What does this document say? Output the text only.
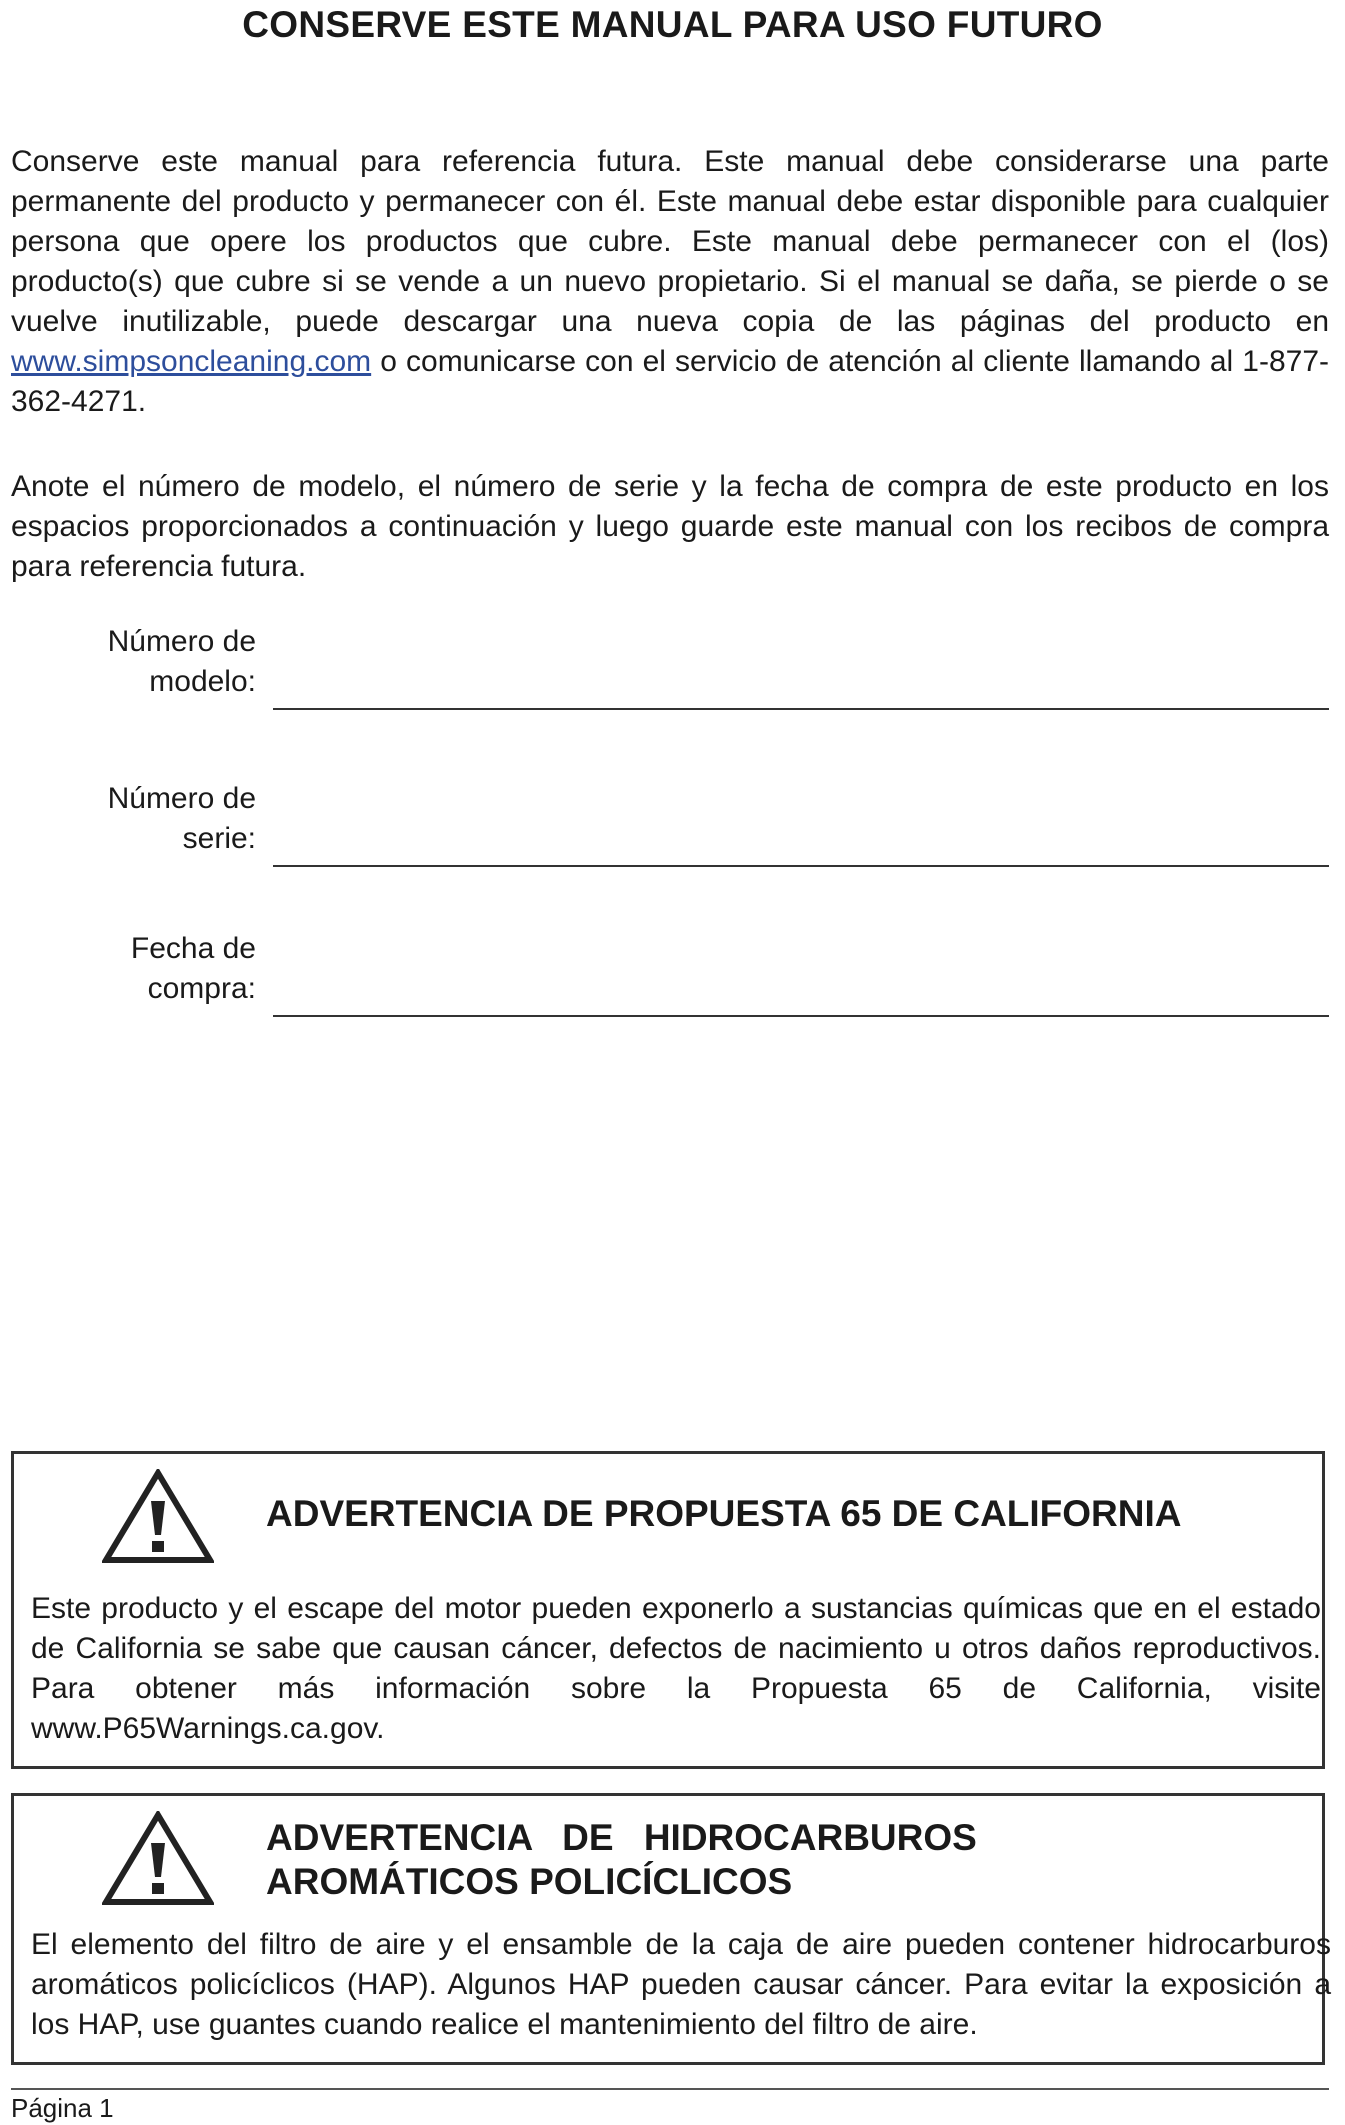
CONSERVE ESTE MANUAL PARA USO FUTURO

Conserve este manual para referencia futura. Este manual debe considerarse una parte permanente del producto y permanecer con él. Este manual debe estar disponible para cualquier persona que opere los productos que cubre. Este manual debe permanecer con el (los) producto(s) que cubre si se vende a un nuevo propietario. Si el manual se daña, se pierde o se vuelve inutilizable, puede descargar una nueva copia de las páginas del producto en www.simpsoncleaning.com o comunicarse con el servicio de atención al cliente llamando al 1-877-362-4271.

Anote el número de modelo, el número de serie y la fecha de compra de este producto en los espacios proporcionados a continuación y luego guarde este manual con los recibos de compra para referencia futura.

Número de
modelo:
Número de
serie:
Fecha de
compra:

ADVERTENCIA DE PROPUESTA 65 DE CALIFORNIA

Este producto y el escape del motor pueden exponerlo a sustancias químicas que en el estado de California se sabe que causan cáncer, defectos de nacimiento u otros daños reproductivos. Para obtener más información sobre la Propuesta 65 de California, visite www.P65Warnings.ca.gov.

ADVERTENCIA DE HIDROCARBUROS
AROMÁTICOS POLICÍCLICOS

El elemento del filtro de aire y el ensamble de la caja de aire pueden contener hidrocarburos aromáticos policíclicos (HAP). Algunos HAP pueden causar cáncer. Para evitar la exposición a los HAP, use guantes cuando realice el mantenimiento del filtro de aire.

Página 1
